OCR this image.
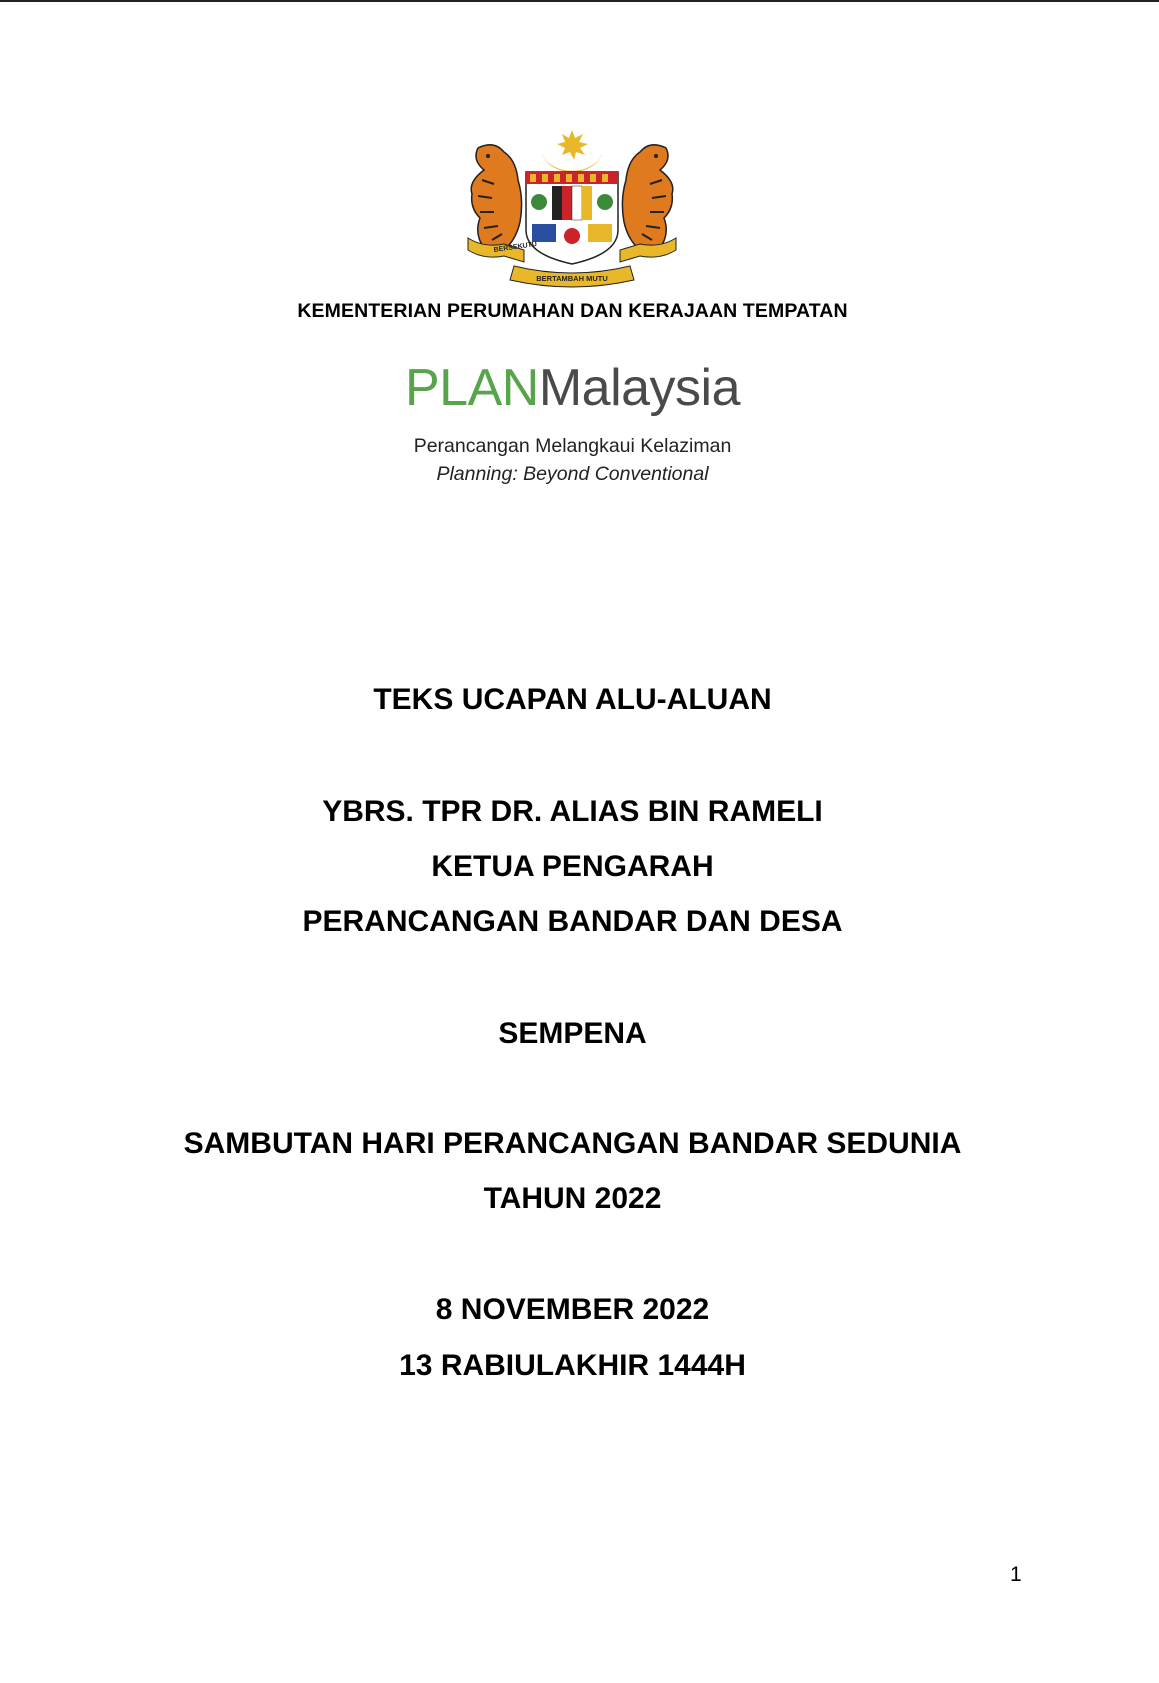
BERSEKUTU
BERTAMBAH MUTU
KEMENTERIAN PERUMAHAN DAN KERAJAAN TEMPATAN
PLANMalaysia
Perancangan Melangkaui Kelaziman
Planning: Beyond Conventional
TEKS UCAPAN ALU-ALUAN
YBRS. TPR DR. ALIAS BIN RAMELI
KETUA PENGARAH
PERANCANGAN BANDAR DAN DESA
SEMPENA
SAMBUTAN HARI PERANCANGAN BANDAR SEDUNIA
TAHUN 2022
8 NOVEMBER 2022
13 RABIULAKHIR 1444H
1
